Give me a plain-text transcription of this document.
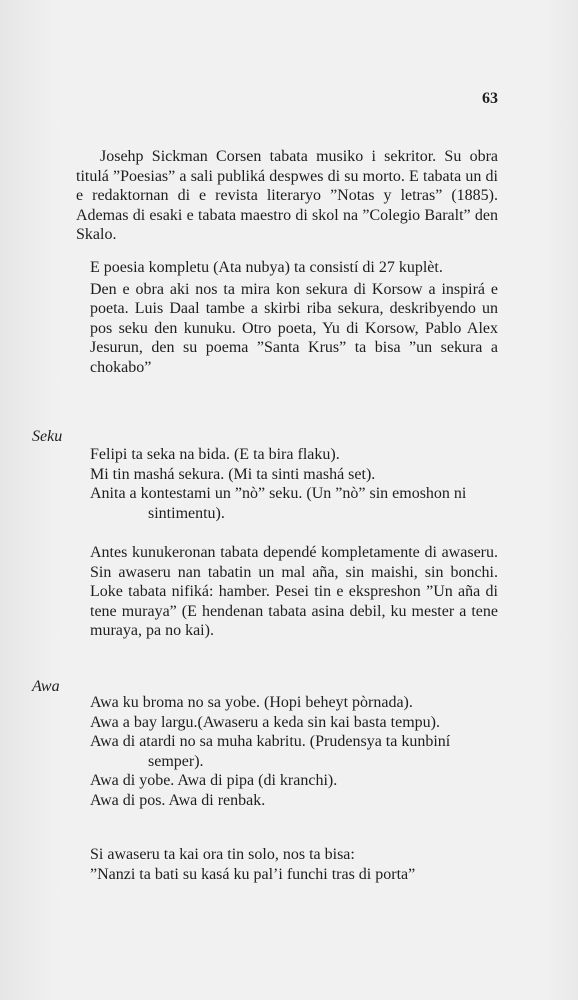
63

Josehp Sickman Corsen tabata musiko i sekritor. Su obra titulá ”Poesias” a sali publiká despwes di su morto. E tabata un di e redaktornan di e revista literaryo ”Notas y letras” (1885). Ademas di esaki e tabata maestro di skol na ”Colegio Baralt” den Skalo.

E poesia kompletu (Ata nubya) ta consistí di 27 kuplèt.

Den e obra aki nos ta mira kon sekura di Korsow a inspirá e poeta. Luis Daal tambe a skirbi riba sekura, deskribyendo un pos seku den kunuku. Otro poeta, Yu di Korsow, Pablo Alex Jesurun, den su poema ”Santa Krus” ta bisa ”un sekura a chokabo”

Seku

Felipi ta seka na bida. (E ta bira flaku).

Mi tin mashá sekura. (Mi ta sinti mashá set).

Anita a kontestami un ”nò” seku. (Un ”nò” sin emoshon ni sintimentu).

Antes kunukeronan tabata dependé kompletamente di awaseru. Sin awaseru nan tabatin un mal aña, sin maishi, sin bonchi. Loke tabata nifiká: hamber. Pesei tin e ekspreshon ”Un aña di tene muraya” (E hendenan tabata asina debil, ku mester a tene muraya, pa no kai).

Awa

Awa ku broma no sa yobe. (Hopi beheyt pòrnada).

Awa a bay largu.(Awaseru a keda sin kai basta tempu).

Awa di atardi no sa muha kabritu. (Prudensya ta kunbiní semper).

Awa di yobe. Awa di pipa (di kranchi).

Awa di pos. Awa di renbak.

Si awaseru ta kai ora tin solo, nos ta bisa:

”Nanzi ta bati su kasá ku pal’i funchi tras di porta”
